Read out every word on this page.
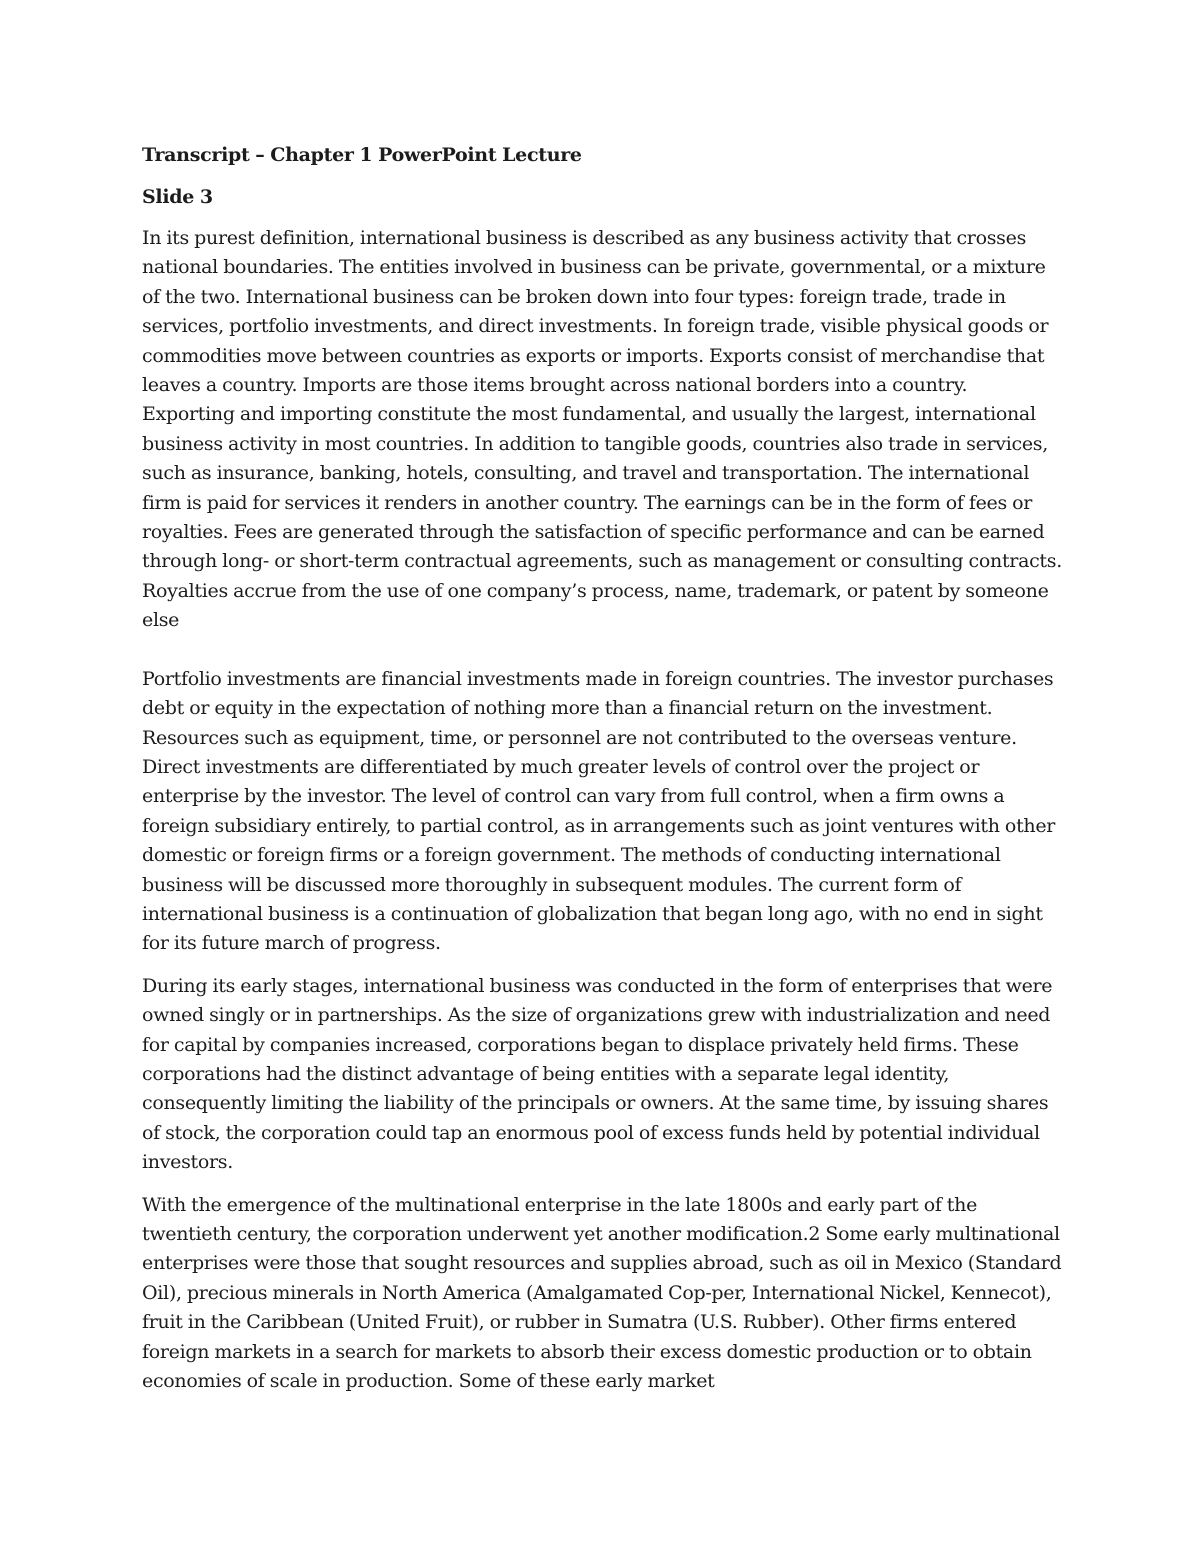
Transcript – Chapter 1 PowerPoint Lecture
Slide 3

In its purest definition, international business is described as any business activity that crosses national boundaries. The entities involved in business can be private, governmental, or a mixture of the two. International business can be broken down into four types: foreign trade, trade in services, portfolio investments, and direct investments. In foreign trade, visible physical goods or commodities move between countries as exports or imports. Exports consist of merchandise that leaves a country. Imports are those items brought across national borders into a country. Exporting and importing constitute the most fundamental, and usually the largest, international business activity in most countries. In addition to tangible goods, countries also trade in services, such as insurance, banking, hotels, consulting, and travel and transportation. The international firm is paid for services it renders in another country. The earnings can be in the form of fees or royalties. Fees are generated through the satisfaction of specific performance and can be earned through long- or short-term contractual agreements, such as management or consulting contracts. Royalties accrue from the use of one company’s process, name, trademark, or patent by someone else

Portfolio investments are financial investments made in foreign countries. The investor purchases debt or equity in the expectation of nothing more than a financial return on the investment. Resources such as equipment, time, or personnel are not contributed to the overseas venture. Direct investments are differentiated by much greater levels of control over the project or enterprise by the investor. The level of control can vary from full control, when a firm owns a foreign subsidiary entirely, to partial control, as in arrangements such as joint ventures with other domestic or foreign firms or a foreign government. The methods of conducting international business will be discussed more thoroughly in subsequent modules. The current form of international business is a continuation of globalization that began long ago, with no end in sight for its future march of progress.

During its early stages, international business was conducted in the form of enterprises that were owned singly or in partnerships. As the size of organizations grew with industrialization and need for capital by companies increased, corporations began to displace privately held firms. These corporations had the distinct advantage of being entities with a separate legal identity, consequently limiting the liability of the principals or owners. At the same time, by issuing shares of stock, the corporation could tap an enormous pool of excess funds held by potential individual investors.

With the emergence of the multinational enterprise in the late 1800s and early part of the twentieth century, the corporation underwent yet another modification.2 Some early multinational enterprises were those that sought resources and supplies abroad, such as oil in Mexico (Standard Oil), precious minerals in North America (Amalgamated Cop-per, International Nickel, Kennecot), fruit in the Caribbean (United Fruit), or rubber in Sumatra (U.S. Rubber). Other firms entered foreign markets in a search for markets to absorb their excess domestic production or to obtain economies of scale in production. Some of these early market
